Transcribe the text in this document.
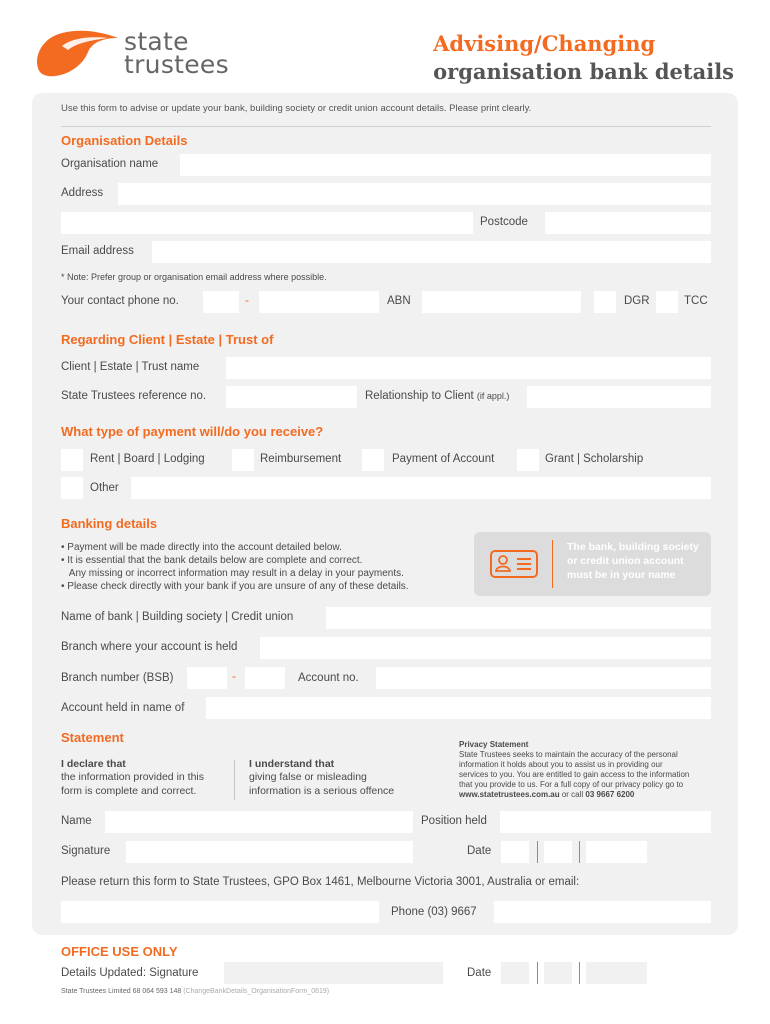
state
trustees
Advising/Changing
organisation bank details
Use this form to advise or update your bank, building society or credit union account details. Please print clearly.
Organisation Details
Organisation name
Address
Postcode
Email address
* Note: Prefer group or organisation email address where possible.
Your contact phone no.	-	ABN	DGR	TCC
Regarding Client | Estate | Trust of
Client | Estate | Trust name
State Trustees reference no.	Relationship to Client (if appl.)
What type of payment will/do you receive?
Rent | Board | Lodging	Reimbursement	Payment of Account	Grant | Scholarship
Other
Banking details
• Payment will be made directly into the account detailed below.
• It is essential that the bank details below are complete and correct.
Any missing or incorrect information may result in a delay in your payments.
• Please check directly with your bank if you are unsure of any of these details.
The bank, building society
or credit union account
must be in your name
Name of bank | Building society | Credit union
Branch where your account is held
Branch number (BSB)	-	Account no.
Account held in name of
Statement
I declare that
the information provided in this
form is complete and correct.
I understand that
giving false or misleading
information is a serious offence
Privacy Statement
State Trustees seeks to maintain the accuracy of the personal
information it holds about you to assist us in providing our
services to you. You are entitled to gain access to the information
that you provide to us. For a full copy of our privacy policy go to
www.statetrustees.com.au or call 03 9667 6200
Name	Position held
Signature	Date
Please return this form to State Trustees, GPO Box 1461, Melbourne Victoria 3001, Australia or email:
Phone (03) 9667
OFFICE USE ONLY
Details Updated: Signature	Date
State Trustees Limited 68 064 593 148 (ChangeBankDetails_OrganisationForm_0619)
